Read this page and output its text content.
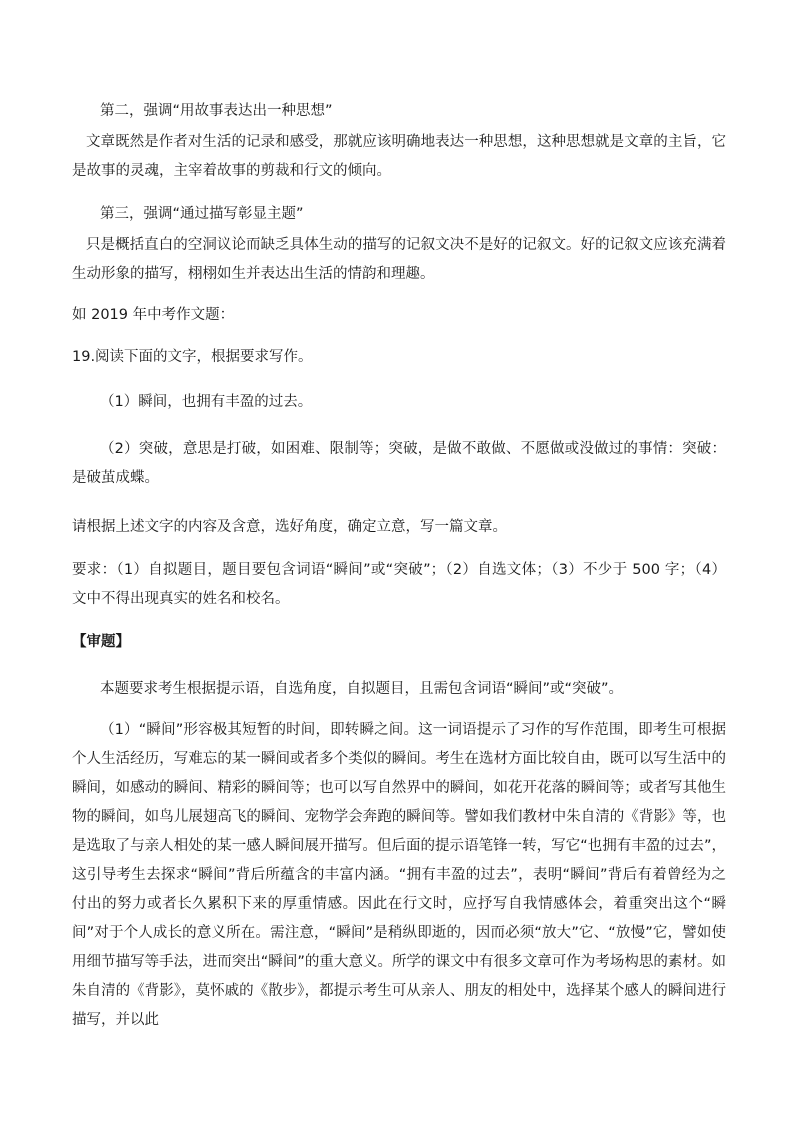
第二，强调“用故事表达出一种思想”

文章既然是作者对生活的记录和感受，那就应该明确地表达一种思想，这种思想就是文章的主旨，它是故事的灵魂，主宰着故事的剪裁和行文的倾向。

第三，强调“通过描写彰显主题”

只是概括直白的空洞议论而缺乏具体生动的描写的记叙文决不是好的记叙文。好的记叙文应该充满着生动形象的描写，栩栩如生并表达出生活的情韵和理趣。

如 2019 年中考作文题：

19.阅读下面的文字，根据要求写作。

（1）瞬间，也拥有丰盈的过去。

（2）突破，意思是打破，如困难、限制等；突破，是做不敢做、不愿做或没做过的事情：突破：是破茧成蝶。

请根据上述文字的内容及含意，选好角度，确定立意，写一篇文章。

要求：（1）自拟题目，题目要包含词语“瞬间”或“突破”；（2）自选文体；（3）不少于 500 字；（4）文中不得出现真实的姓名和校名。

【审题】

本题要求考生根据提示语，自选角度，自拟题目，且需包含词语“瞬间”或“突破”。

（1）“瞬间”形容极其短暂的时间，即转瞬之间。这一词语提示了习作的写作范围，即考生可根据个人生活经历，写难忘的某一瞬间或者多个类似的瞬间。考生在选材方面比较自由，既可以写生活中的瞬间，如感动的瞬间、精彩的瞬间等；也可以写自然界中的瞬间，如花开花落的瞬间等；或者写其他生物的瞬间，如鸟儿展翅高飞的瞬间、宠物学会奔跑的瞬间等。譬如我们教材中朱自清的《背影》等，也是选取了与亲人相处的某一感人瞬间展开描写。但后面的提示语笔锋一转，写它“也拥有丰盈的过去”，这引导考生去探求“瞬间”背后所蕴含的丰富内涵。“拥有丰盈的过去”，表明“瞬间”背后有着曾经为之付出的努力或者长久累积下来的厚重情感。因此在行文时，应抒写自我情感体会，着重突出这个“瞬间”对于个人成长的意义所在。需注意，“瞬间”是稍纵即逝的，因而必须“放大”它、“放慢”它，譬如使用细节描写等手法，进而突出“瞬间”的重大意义。所学的课文中有很多文章可作为考场构思的素材。如朱自清的《背影》，莫怀戚的《散步》，都提示考生可从亲人、朋友的相处中，选择某个感人的瞬间进行描写，并以此
